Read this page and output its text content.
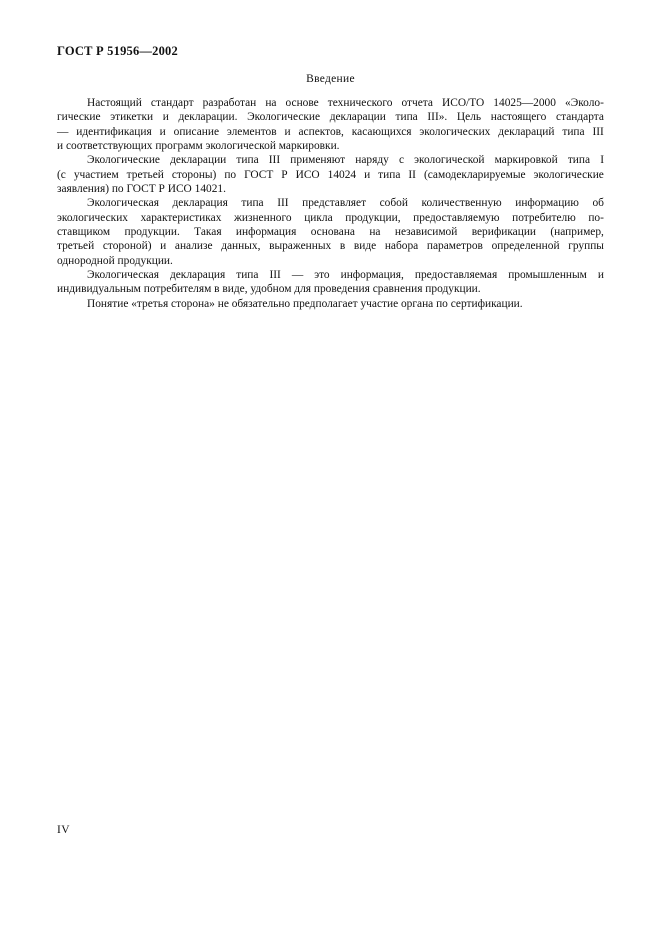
ГОСТ Р 51956—2002
Введение

Настоящий стандарт разработан на основе технического отчета ИСО/ТО 14025—2000 «Эколо-
гические этикетки и декларации. Экологические декларации типа III». Цель настоящего стандарта
— идентификация и описание элементов и аспектов, касающихся экологических деклараций типа III
и соответствующих программ экологической маркировки.

Экологические декларации типа III применяют наряду с экологической маркировкой типа I
(с участием третьей стороны) по ГОСТ Р ИСО 14024 и типа II (самодекларируемые экологические
заявления) по ГОСТ Р ИСО 14021.

Экологическая декларация типа III представляет собой количественную информацию об
экологических характеристиках жизненного цикла продукции, предоставляемую потребителю по-
ставщиком продукции. Такая информация основана на независимой верификации (например,
третьей стороной) и анализе данных, выраженных в виде набора параметров определенной группы
однородной продукции.

Экологическая декларация типа III — это информация, предоставляемая промышленным и
индивидуальным потребителям в виде, удобном для проведения сравнения продукции.

Понятие «третья сторона» не обязательно предполагает участие органа по сертификации.

IV
